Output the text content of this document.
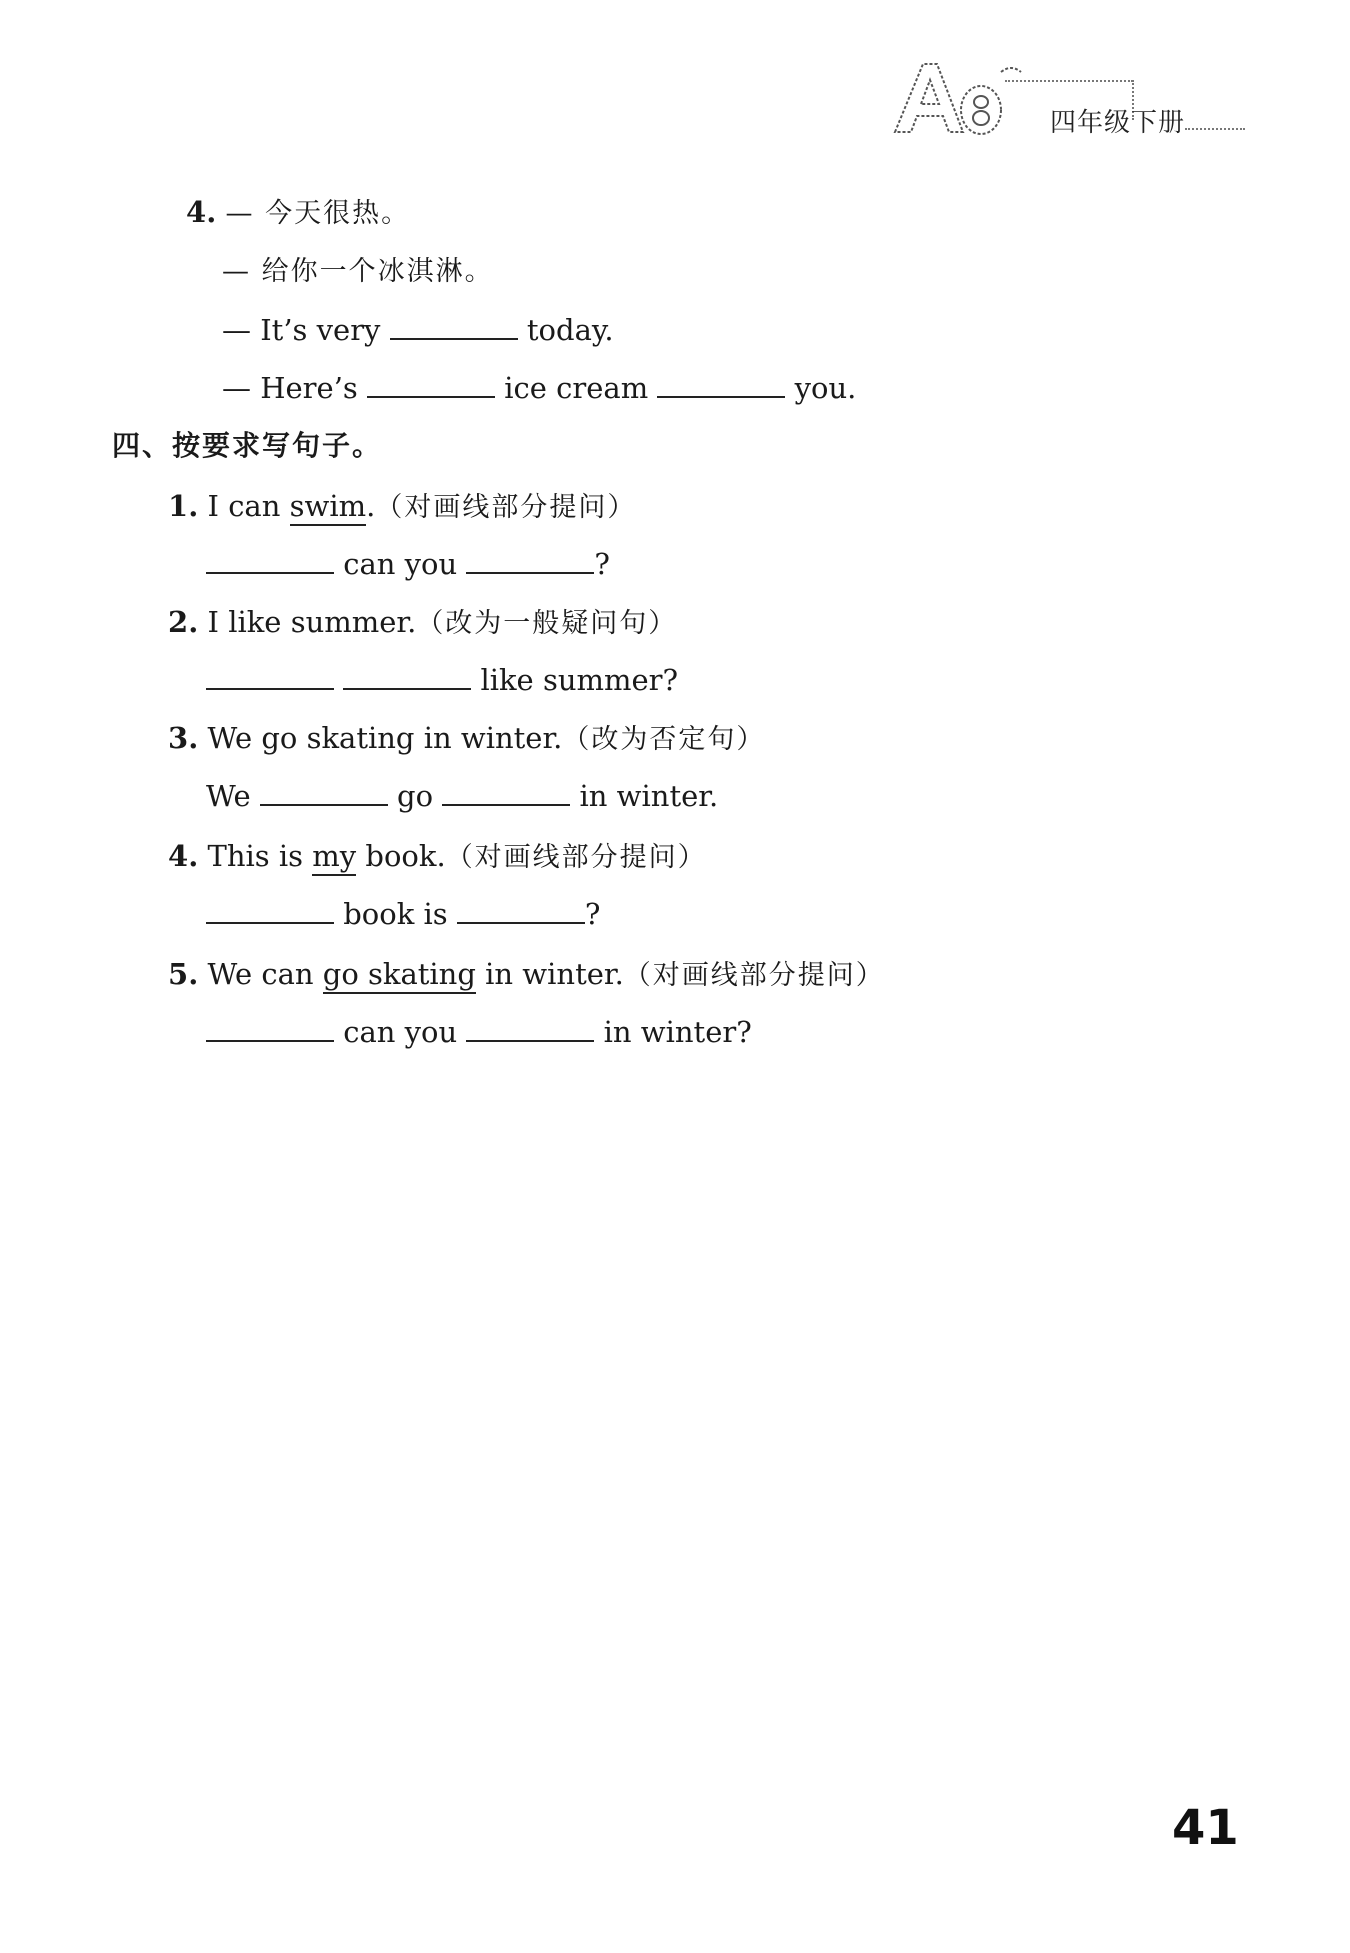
四年级下册
4. — 今天很热。
— 给你一个冰淇淋。
— It’s very	today.
— Here’s	ice cream	you.
四、按要求写句子。
1. I can swim.（对画线部分提问）
can you	?
2. I like summer.（改为一般疑问句）
like summer?
3. We go skating in winter.（改为否定句）
We	go	in winter.
4. This is my book.（对画线部分提问）
book is	?
5. We can go skating in winter.（对画线部分提问）
can you	in winter?
41
